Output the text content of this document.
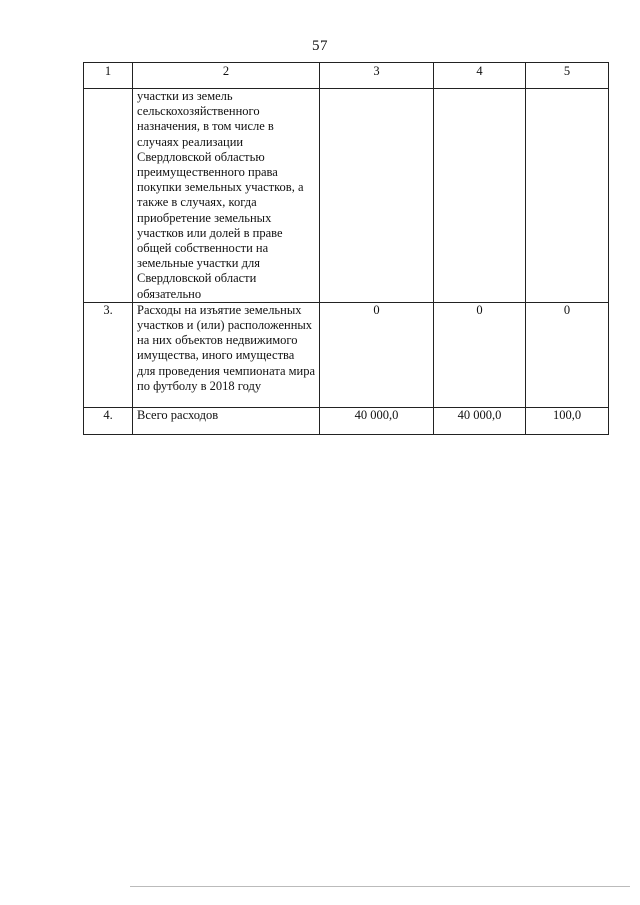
57
1	2	3	4	5
	участки из земель сельскохозяйственного назначения, в том числе в случаях реализации Свердловской областью преимущественного права покупки земельных участков, а также в случаях, когда приобретение земельных участков или долей в праве общей собственности на земельные участки для Свердловской области обязательно			
3.	Расходы на изъятие земельных участков и (или) расположенных на них объектов недвижимого имущества, иного имущества для проведения чемпионата мира по футболу в 2018 году	0	0	0
4.	Всего расходов	40 000,0	40 000,0	100,0
